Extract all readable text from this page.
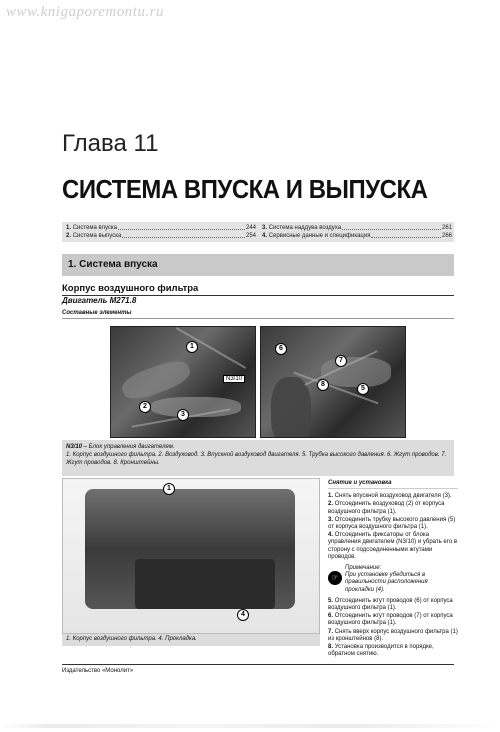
www.knigaporemontu.ru
Глава 11
СИСТЕМА ВПУСКА И ВЫПУСКА
1. Система впуска	244
2. Система выпуска	254
3. Система наддува воздуха	261
4. Сервисные данные и спецификация	266
1. Система впуска
Корпус воздушного фильтра
Двигатель М271.8
Составные элементы
1
2
3
N3/10
6
7
8
5
N3/10 – Блок управления двигателем.
1. Корпус воздушного фильтра. 2. Воздуховод. 3. Впускной воздуховод двигателя. 5. Трубка высокого давления. 6. Жгут проводов. 7. Жгут проводов. 8. Кронштейны.
1
4
1. Корпус воздушного фильтра. 4. Прокладка.
Снятие и установка
1. Снять впускной воздуховод двигателя (3).
2. Отсоединить воздуховод (2) от корпуса воздушного фильтра (1).
3. Отсоединить трубку высокого давления (5) от корпуса воздушного фильтра (1).
4. Отсоединить фиксаторы от блока управления двигателем (N3/10) и убрать его в сторону с подсоединенными жгутами проводов.
☞
Примечание:
При установке убедиться в правильности расположения прокладки (4).
5. Отсоединить жгут проводов (6) от корпуса воздушного фильтра (1).
6. Отсоединить жгут проводов (7) от корпуса воздушного фильтра (1).
7. Снять вверх корпус воздушного фильтра (1) из кронштейнов (8).
8. Установка производится в порядке, обратном снятию.
Издательство «Монолит»
